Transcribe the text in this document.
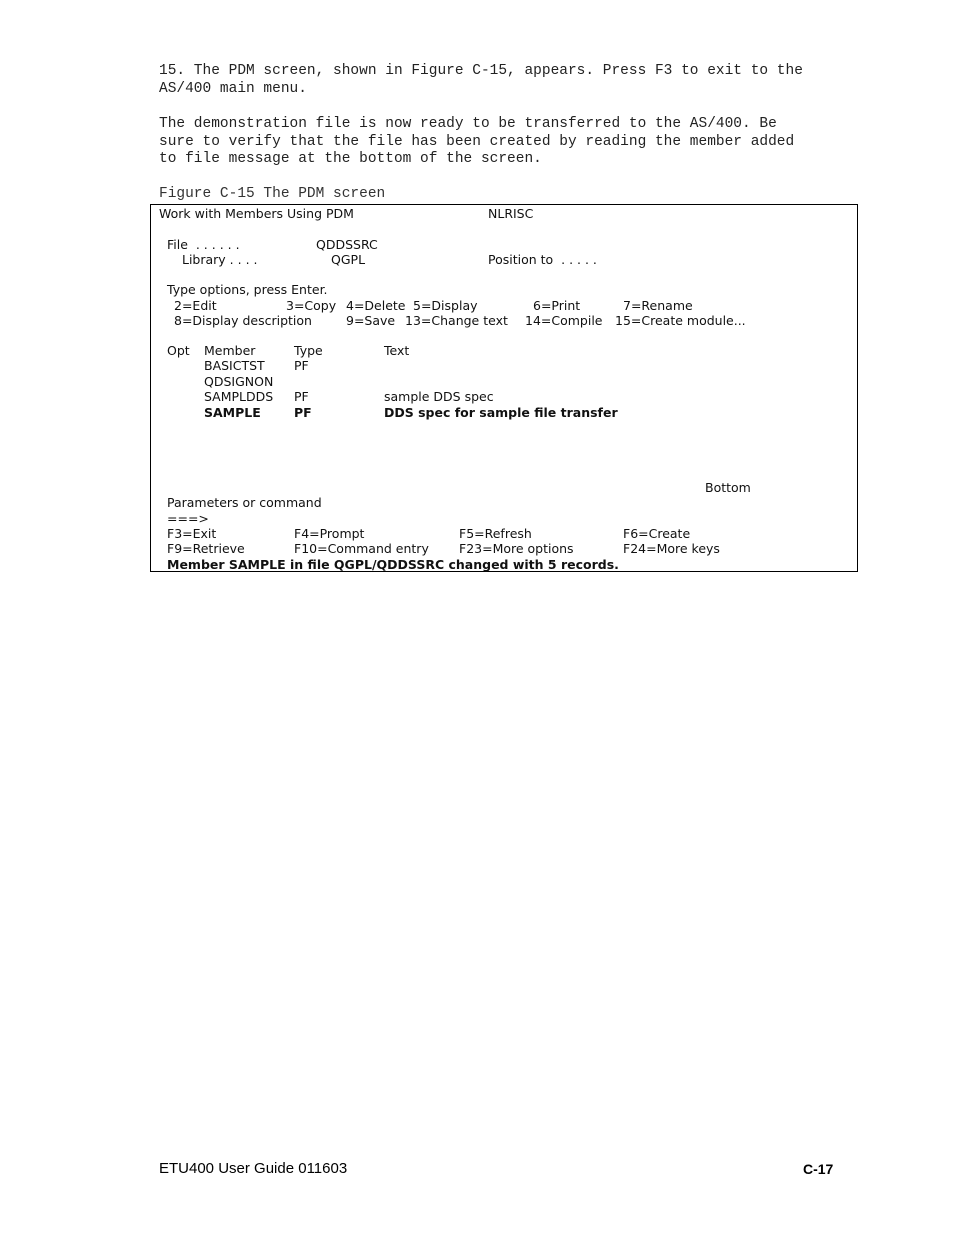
15. The PDM screen, shown in Figure C-15, appears. Press F3 to exit to the
AS/400 main menu.
The demonstration file is now ready to be transferred to the AS/400. Be
sure to verify that the file has been created by reading the member added
to file message at the bottom of the screen.
Figure C-15 The PDM screen
Work with Members Using PDM	NLRISC
File  . . . . . .	QDDSSRC
Library . . . .	QGPL	Position to  . . . . .
Type options, press Enter.
2=Edit	3=Copy 4=Delete 5=Display	6=Print	7=Rename
8=Display description	9=Save 13=Change text 14=Compile 15=Create module...
Opt Member	Type	Text
BASICTST PF
QDSIGNON
SAMPLDDS PF	sample DDS spec
SAMPLE	PF	DDS spec for sample file transfer
Bottom
Parameters or command
===>
F3=Exit	F4=Prompt	F5=Refresh	F6=Create
F9=Retrieve	F10=Command entry F23=More options	F24=More keys
Member SAMPLE in file QGPL/QDDSSRC changed with 5 records.
ETU400 User Guide 011603	C-17
